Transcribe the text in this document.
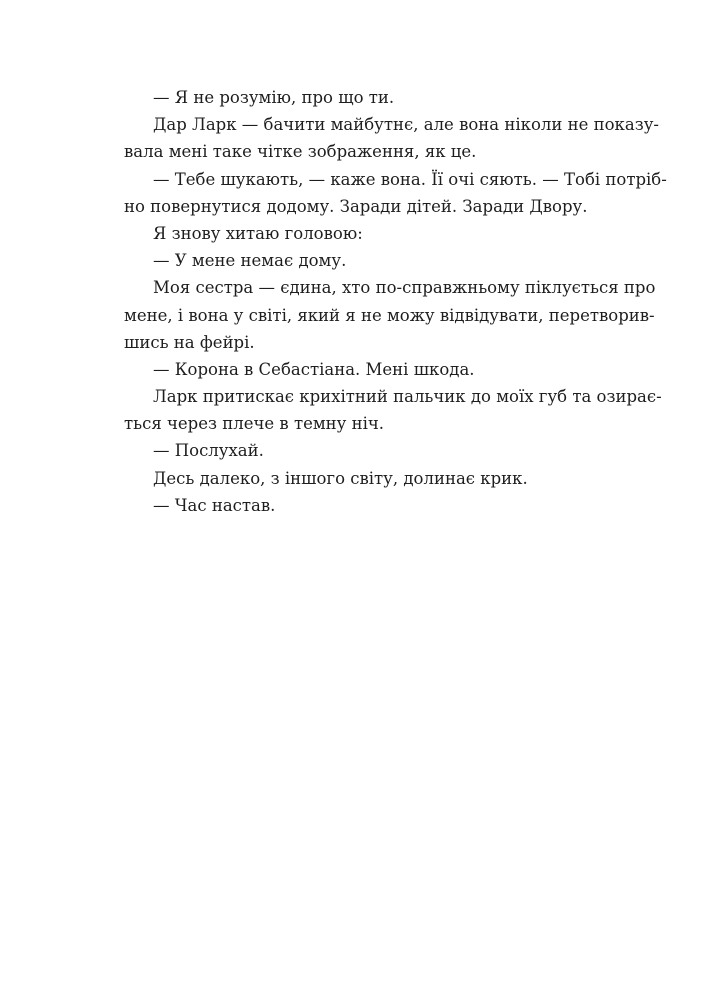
— Я не розумію, про що ти.
Дар Ларк — бачити майбутнє, але вона ніколи не показу-
вала мені таке чітке зображення, як це.
— Тебе шукають, — каже вона. Її очі сяють. — Тобі потріб-
но повернутися додому. Заради дітей. Заради Двору.
Я знову хитаю головою:
— У мене немає дому.
Моя сестра — єдина, хто по-справжньому піклується про
мене, і вона у світі, який я не можу відвідувати, перетворив-
шись на фейрі.
— Корона в Себастіана. Мені шкода.
Ларк притискає крихітний пальчик до моїх губ та озирає-
ться через плече в темну ніч.
— Послухай.
Десь далеко, з іншого світу, долинає крик.
— Час настав.
